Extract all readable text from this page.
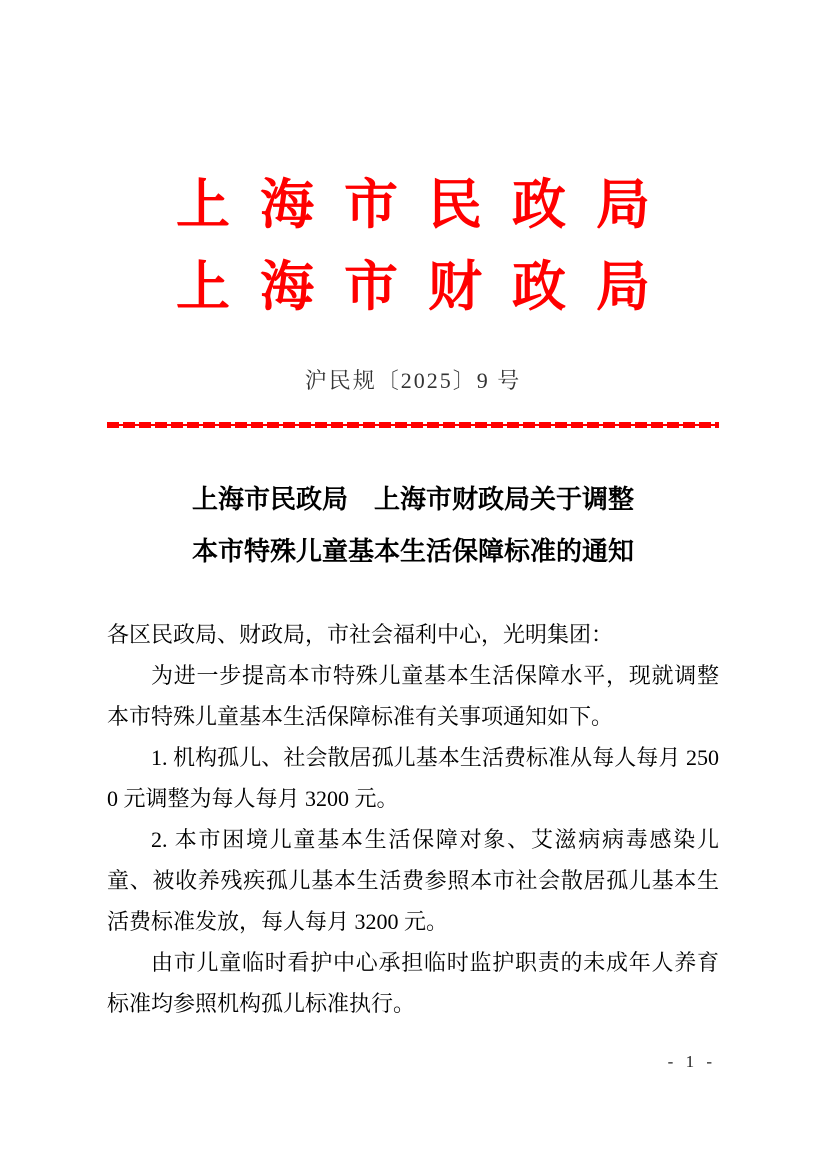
上海市民政局
上海市财政局
沪民规〔2025〕9 号
上海市民政局　上海市财政局关于调整
本市特殊儿童基本生活保障标准的通知

各区民政局、财政局，市社会福利中心，光明集团：

为进一步提高本市特殊儿童基本生活保障水平，现就调整本市特殊儿童基本生活保障标准有关事项通知如下。

1. 机构孤儿、社会散居孤儿基本生活费标准从每人每月 2500 元调整为每人每月 3200 元。

2. 本市困境儿童基本生活保障对象、艾滋病病毒感染儿童、被收养残疾孤儿基本生活费参照本市社会散居孤儿基本生活费标准发放，每人每月 3200 元。

由市儿童临时看护中心承担临时监护职责的未成年人养育标准均参照机构孤儿标准执行。

- 1 -
